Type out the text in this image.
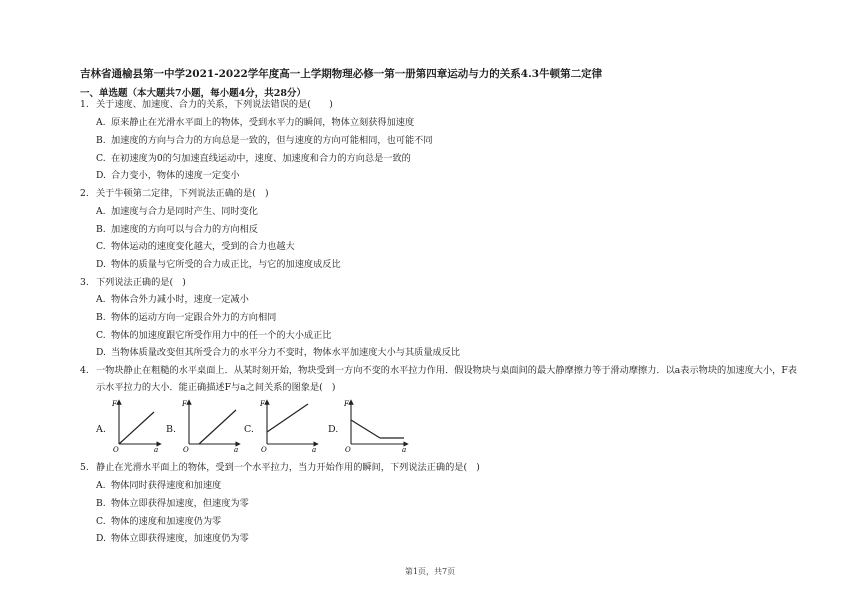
吉林省通榆县第一中学2021-2022学年度高一上学期物理必修一第一册第四章运动与力的关系4.3牛顿第二定律
一、单选题（本大题共7小题，每小题4分，共28分）
1. 关于速度、加速度、合力的关系，下列说法错误的是(　　)
A. 原来静止在光滑水平面上的物体，受到水平力的瞬间，物体立刻获得加速度
B. 加速度的方向与合力的方向总是一致的，但与速度的方向可能相同，也可能不同
C. 在初速度为0的匀加速直线运动中，速度、加速度和合力的方向总是一致的
D. 合力变小，物体的速度一定变小
2. 关于牛顿第二定律，下列说法正确的是(　)
A. 加速度与合力是同时产生、同时变化
B. 加速度的方向可以与合力的方向相反
C. 物体运动的速度变化越大，受到的合力也越大
D. 物体的质量与它所受的合力成正比，与它的加速度成反比
3. 下列说法正确的是(　)
A. 物体合外力减小时，速度一定减小
B. 物体的运动方向一定跟合外力的方向相同
C. 物体的加速度跟它所受作用力中的任一个的大小成正比
D. 当物体质量改变但其所受合力的水平分力不变时，物体水平加速度大小与其质量成反比
4. 一物块静止在粗糙的水平桌面上．从某时刻开始，物块受到一方向不变的水平拉力作用．假设物块与桌面间的最大静摩擦力等于滑动摩擦力．以a表示物块的加速度大小，F表
示水平拉力的大小．能正确描述F与a之间关系的图象是(　)
A.
F
a
O
B.
F
a
O
C.
F
a
O
D.
F
a
O
5. 静止在光滑水平面上的物体，受到一个水平拉力，当力开始作用的瞬间，下列说法正确的是(　)
A. 物体同时获得速度和加速度
B. 物体立即获得加速度，但速度为零
C. 物体的速度和加速度仍为零
D. 物体立即获得速度，加速度仍为零
第1页，共7页
